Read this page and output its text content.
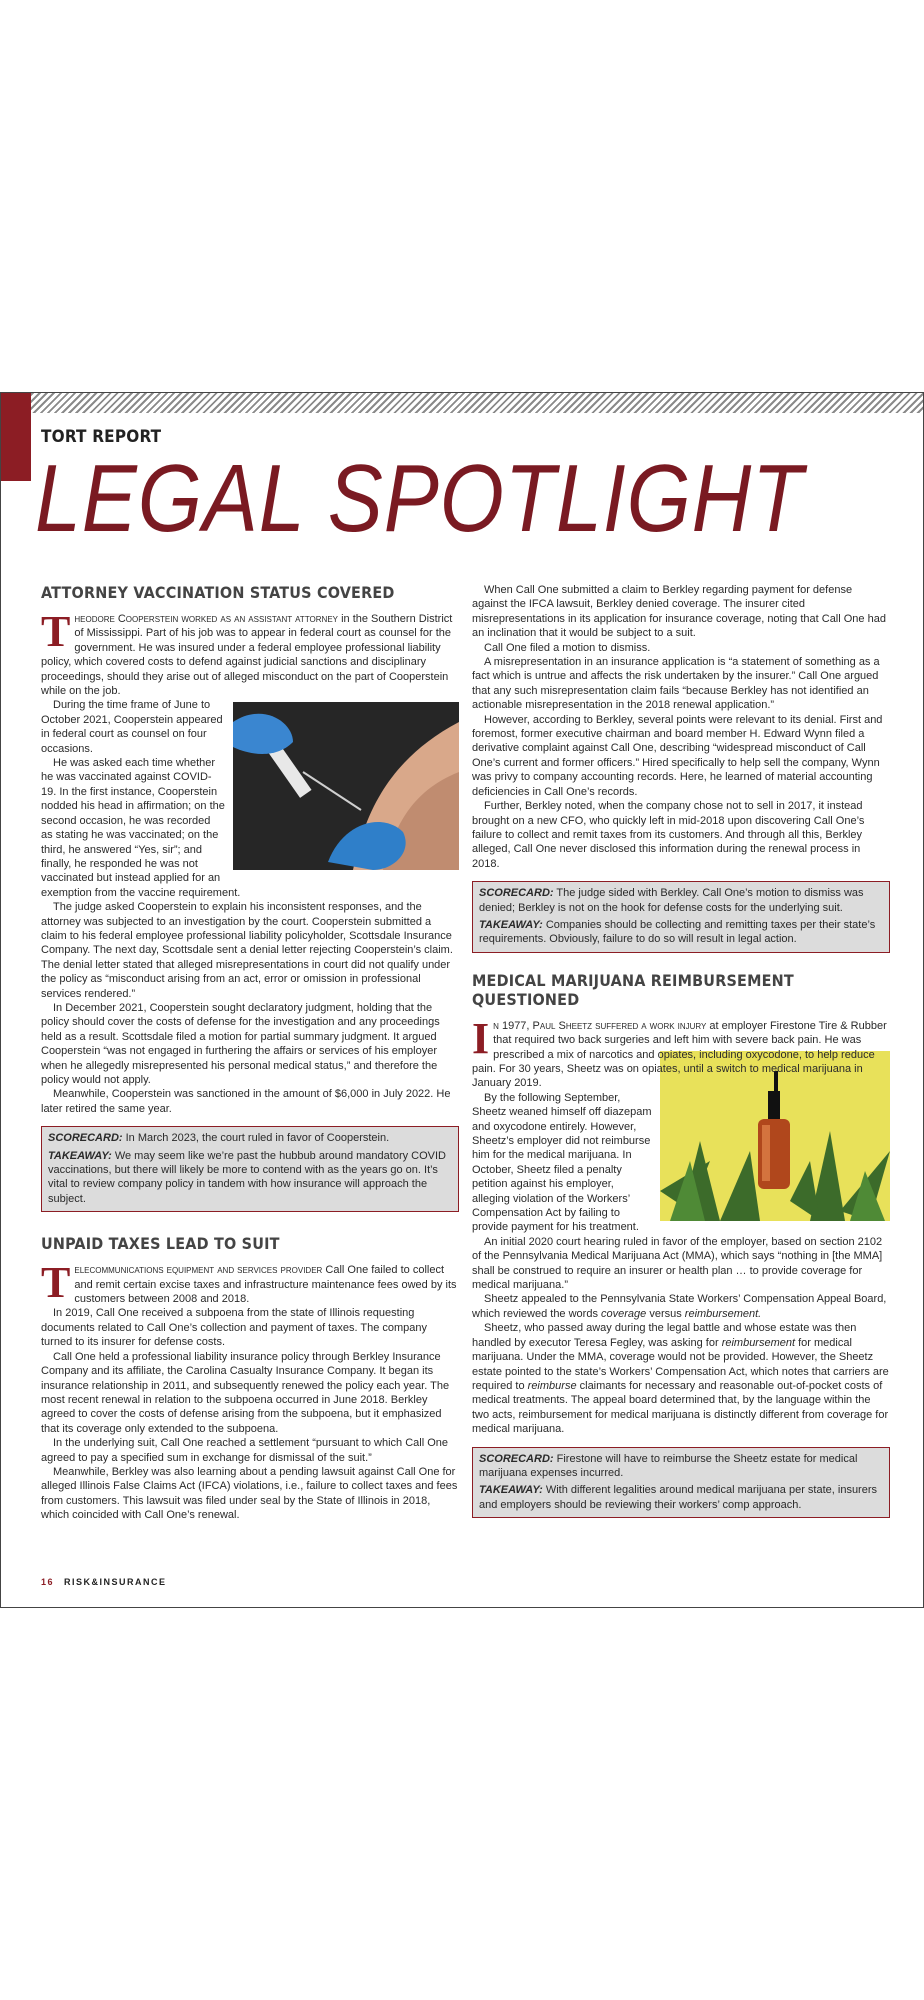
TORT REPORT
LEGAL SPOTLIGHT
ATTORNEY VACCINATION STATUS COVERED

Theodore Cooperstein worked as an assistant attorney in the Southern District of Mississippi. Part of his job was to appear in federal court as counsel for the government. He was insured under a federal employee professional liability policy, which covered costs to defend against judicial sanctions and disciplinary proceedings, should they arise out of alleged misconduct on the part of Cooperstein while on the job.

During the time frame of June to October 2021, Cooperstein appeared in federal court as counsel on four occasions.

He was asked each time whether he was vaccinated against COVID-19. In the first instance, Cooperstein nodded his head in affirmation; on the second occasion, he was recorded as stating he was vaccinated; on the third, he answered “Yes, sir”; and finally, he responded he was not vaccinated but instead applied for an exemption from the vaccine requirement.

The judge asked Cooperstein to explain his inconsistent responses, and the attorney was subjected to an investigation by the court. Cooperstein submitted a claim to his federal employee professional liability policyholder, Scottsdale Insurance Company. The next day, Scottsdale sent a denial letter rejecting Cooperstein’s claim. The denial letter stated that alleged misrepresentations in court did not qualify under the policy as “misconduct arising from an act, error or omission in professional services rendered.”

In December 2021, Cooperstein sought declaratory judgment, holding that the policy should cover the costs of defense for the investigation and any proceedings held as a result. Scottsdale filed a motion for partial summary judgment. It argued Cooperstein “was not engaged in furthering the affairs or services of his employer when he allegedly misrepresented his personal medical status,” and therefore the policy would not apply.

Meanwhile, Cooperstein was sanctioned in the amount of $6,000 in July 2022. He later retired the same year.

SCORECARD: In March 2023, the court ruled in favor of Cooperstein.

TAKEAWAY: We may seem like we’re past the hubbub around mandatory COVID vaccinations, but there will likely be more to contend with as the years go on. It’s vital to review company policy in tandem with how insurance will approach the subject.

UNPAID TAXES LEAD TO SUIT

Telecommunications equipment and services provider Call One failed to collect and remit certain excise taxes and infrastructure maintenance fees owed by its customers between 2008 and 2018.

In 2019, Call One received a subpoena from the state of Illinois requesting documents related to Call One’s collection and payment of taxes. The company turned to its insurer for defense costs.

Call One held a professional liability insurance policy through Berkley Insurance Company and its affiliate, the Carolina Casualty Insurance Company. It began its insurance relationship in 2011, and subsequently renewed the policy each year. The most recent renewal in relation to the subpoena occurred in June 2018. Berkley agreed to cover the costs of defense arising from the subpoena, but it emphasized that its coverage only extended to the subpoena.

In the underlying suit, Call One reached a settlement “pursuant to which Call One agreed to pay a specified sum in exchange for dismissal of the suit.”

Meanwhile, Berkley was also learning about a pending lawsuit against Call One for alleged Illinois False Claims Act (IFCA) violations, i.e., failure to collect taxes and fees from customers. This lawsuit was filed under seal by the State of Illinois in 2018, which coincided with Call One’s renewal.

When Call One submitted a claim to Berkley regarding payment for defense against the IFCA lawsuit, Berkley denied coverage. The insurer cited misrepresentations in its application for insurance coverage, noting that Call One had an inclination that it would be subject to a suit.

Call One filed a motion to dismiss.

A misrepresentation in an insurance application is “a statement of something as a fact which is untrue and affects the risk undertaken by the insurer.” Call One argued that any such misrepresentation claim fails “because Berkley has not identified an actionable misrepresentation in the 2018 renewal application.”

However, according to Berkley, several points were relevant to its denial. First and foremost, former executive chairman and board member H. Edward Wynn filed a derivative complaint against Call One, describing “widespread misconduct of Call One’s current and former officers.” Hired specifically to help sell the company, Wynn was privy to company accounting records. Here, he learned of material accounting deficiencies in Call One’s records.

Further, Berkley noted, when the company chose not to sell in 2017, it instead brought on a new CFO, who quickly left in mid-2018 upon discovering Call One’s failure to collect and remit taxes from its customers. And through all this, Berkley alleged, Call One never disclosed this information during the renewal process in 2018.

SCORECARD: The judge sided with Berkley. Call One’s motion to dismiss was denied; Berkley is not on the hook for defense costs for the underlying suit.

TAKEAWAY: Companies should be collecting and remitting taxes per their state’s requirements. Obviously, failure to do so will result in legal action.

MEDICAL MARIJUANA REIMBURSEMENT QUESTIONED

In 1977, Paul Sheetz suffered a work injury at employer Firestone Tire & Rubber that required two back surgeries and left him with severe back pain. He was prescribed a mix of narcotics and opiates, including oxycodone, to help reduce pain. For 30 years, Sheetz was on opiates, until a switch to medical marijuana in January 2019.

By the following September, Sheetz weaned himself off diazepam and oxycodone entirely. However, Sheetz’s employer did not reimburse him for the medical marijuana. In October, Sheetz filed a penalty petition against his employer, alleging violation of the Workers’ Compensation Act by failing to provide payment for his treatment.

An initial 2020 court hearing ruled in favor of the employer, based on section 2102 of the Pennsylvania Medical Marijuana Act (MMA), which says “nothing in [the MMA] shall be construed to require an insurer or health plan … to provide coverage for medical marijuana.”

Sheetz appealed to the Pennsylvania State Workers’ Compensation Appeal Board, which reviewed the words coverage versus reimbursement.

Sheetz, who passed away during the legal battle and whose estate was then handled by executor Teresa Fegley, was asking for reimbursement for medical marijuana. Under the MMA, coverage would not be provided. However, the Sheetz estate pointed to the state’s Workers’ Compensation Act, which notes that carriers are required to reimburse claimants for necessary and reasonable out-of-pocket costs of medical treatments. The appeal board determined that, by the language within the two acts, reimbursement for medical marijuana is distinctly different from coverage for medical marijuana.

SCORECARD: Firestone will have to reimburse the Sheetz estate for medical marijuana expenses incurred.

TAKEAWAY: With different legalities around medical marijuana per state, insurers and employers should be reviewing their workers’ comp approach.

16 RISK&INSURANCE
